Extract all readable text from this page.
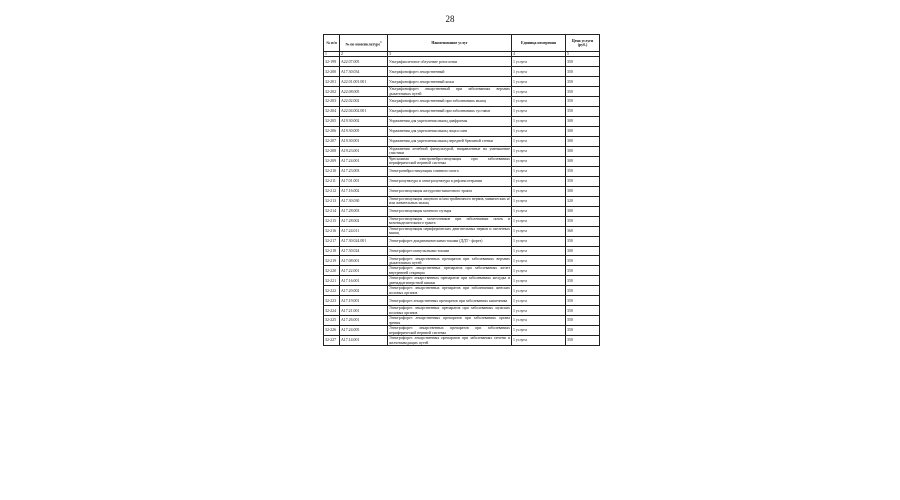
28
№ п/п	№ по номенклатуре$^1$	Наименование услуг	Единица измерения	Цена услуги (руб.)
1	2	3	4	5
32-199	А22.07.005	Ультрафиолетовое облучение ротоглотки	1 услуга	350
32-200	А17.30.034	Ультрафонофорез лекарственный	1 услуга	350
32-201	А22.01.001.001	Ультрафонофорез лекарственный кожи	1 услуга	350
32-202	А22.08.005	Ультрафонофорез лекарственный при заболеваниях верхних дыхательных путей	1 услуга	350
32-203	А22.02.002	Ультрафонофорез лекарственный при заболеваниях мышц	1 услуга	350
32-204	А22.04.002.001	Ультрафонофорез лекарственный при заболеваниях суставов	1 услуга	350
32-205	А19.30.002	Упражнения для укрепления мышц диафрагмы	1 услуга	300
32-206	А19.30.005	Упражнения для укрепления мышц лица и шеи	1 услуга	300
32-207	А19.30.001	Упражнения для укрепления мышц передней брюшной стенки	1 услуга	300
32-208	А19.23.001	Упражнения лечебной физкультурой, направленные на уменьшение спастики	1 услуга	300
32-209	А17.24.001	Чрескожная электронейростимуляция при заболеваниях периферической нервной системы	1 услуга	300
32-210	А17.23.003	Электронейростимуляция спинного мозга	1 услуга	350
32-211	А17.01.001	Электропунктура и электропунктура в рефлексотерапии	1 услуга	350
32-212	А17.16.002	Электростимуляция желудочно-кишечного тракта	1 услуга	300
32-213	А17.30.030	Электростимуляция лицевого и/или тройничного нервов, мимических и/или жевательных мышц	1 услуга	320
32-214	А17.28.003	Электростимуляция мочевого пузыря	1 услуга	300
32-215	А17.28.002	Электростимуляция мочеточников при заболеваниях почек и мочевыделительного тракта	1 услуга	350
32-216	А17.24.011	Электростимуляция периферических двигательных нервов и скелетных мышц	1 услуга	360
32-217	А17.30.024.001	Электрофорез диадинамическими токами (ДДТ - форез)	1 услуга	350
32-218	А17.30.024	Электрофорез импульсными токами	1 услуга	300
32-219	А17.08.001	Электрофорез лекарственных препаратов при заболеваниях верхних дыхательных путей	1 услуга	350
32-220	А17.22.001	Электрофорез лекарственных препаратов при заболеваниях желез внутренней секреции	1 услуга	350
32-221	А17.16.001	Электрофорез лекарственных препаратов при заболеваниях желудка и двенадцатиперстной кишки	1 услуга	350
32-222	А17.20.002	Электрофорез лекарственных препаратов при заболеваниях женских половых органов	1 услуга	350
32-223	А17.19.001	Электрофорез лекарственных препаратов при заболеваниях кишечника	1 услуга	350
32-224	А17.21.001	Электрофорез лекарственных препаратов при заболеваниях мужских половых органов	1 услуга	350
32-225	А17.26.001	Электрофорез лекарственных препаратов при заболеваниях органа зрения	1 услуга	350
32-226	А17.24.005	Электрофорез лекарственных препаратов при заболеваниях периферической нервной системы	1 услуга	350
32-227	А17.14.001	Электрофорез лекарственных препаратов при заболеваниях печени и желчевыводящих путей	1 услуга	350
